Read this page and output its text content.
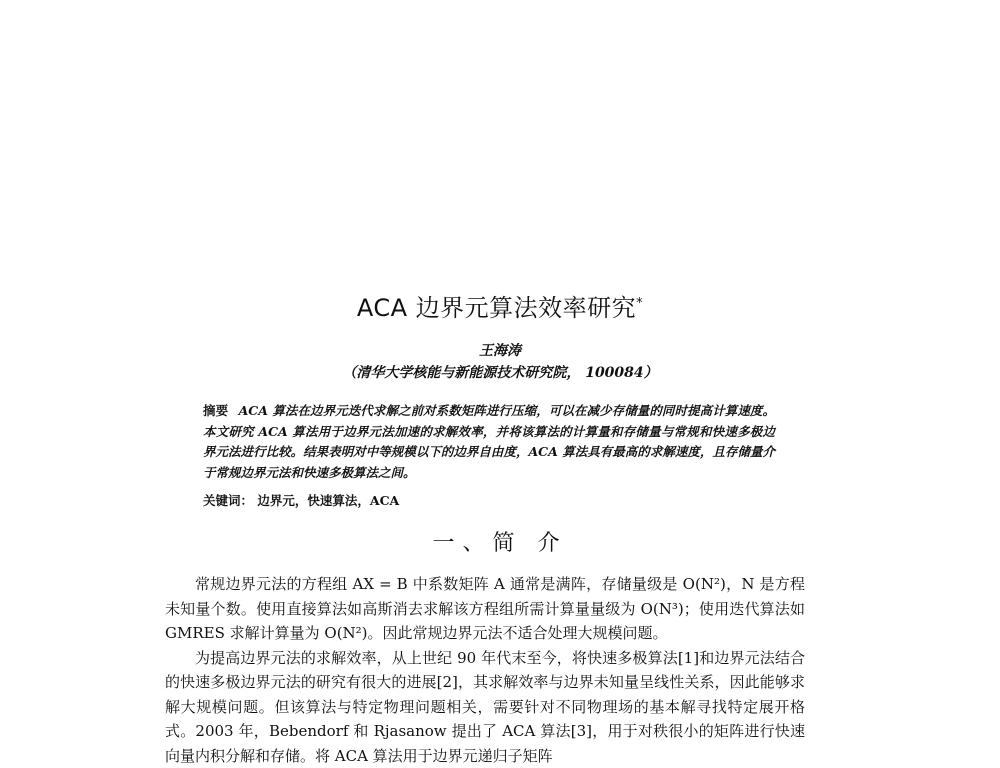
ACA 边界元算法效率研究*
王海涛
（清华大学核能与新能源技术研究院， 100084）
摘要 ACA 算法在边界元迭代求解之前对系数矩阵进行压缩，可以在减少存储量的同时提高计算速度。本文研究 ACA 算法用于边界元法加速的求解效率，并将该算法的计算量和存储量与常规和快速多极边界元法进行比较。结果表明对中等规模以下的边界自由度，ACA 算法具有最高的求解速度，且存储量介于常规边界元法和快速多极算法之间。
关键词： 边界元，快速算法，ACA
一、简 介

常规边界元法的方程组 AX = B 中系数矩阵 A 通常是满阵，存储量级是 O(N²)，N 是方程未知量个数。使用直接算法如高斯消去求解该方程组所需计算量量级为 O(N³)；使用迭代算法如 GMRES 求解计算量为 O(N²)。因此常规边界元法不适合处理大规模问题。

为提高边界元法的求解效率，从上世纪 90 年代末至今，将快速多极算法[1]和边界元法结合的快速多极边界元法的研究有很大的进展[2]，其求解效率与边界未知量呈线性关系，因此能够求解大规模问题。但该算法与特定物理问题相关，需要针对不同物理场的基本解寻找特定展开格式。2003 年，Bebendorf 和 Rjasanow 提出了 ACA 算法[3]，用于对秩很小的矩阵进行快速向量内积分解和存储。将 ACA 算法用于边界元递归子矩阵
